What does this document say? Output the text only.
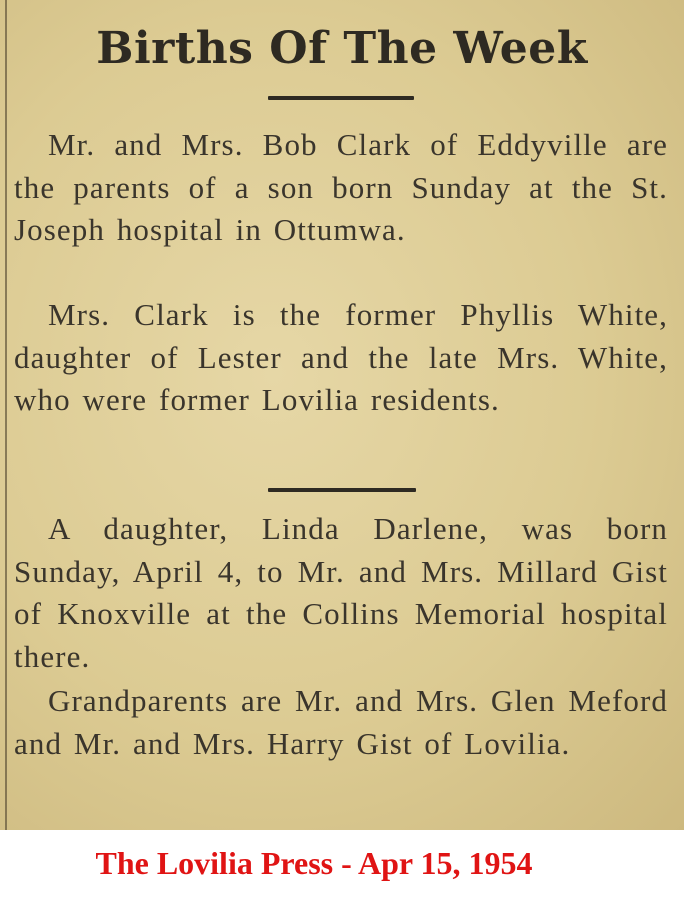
Births Of The Week

Mr. and Mrs. Bob Clark of Eddyville are the parents of a son born Sunday at the St. Joseph hospital in Ottumwa.

Mrs. Clark is the former Phyllis White, daughter of Lester and the late Mrs. White, who were former Lovilia residents.

A daughter, Linda Darlene, was born Sunday, April 4, to Mr. and Mrs. Millard Gist of Knoxville at the Collins Memorial hospital there.

Grandparents are Mr. and Mrs. Glen Meford and Mr. and Mrs. Harry Gist of Lovilia.

The Lovilia Press - Apr 15, 1954
